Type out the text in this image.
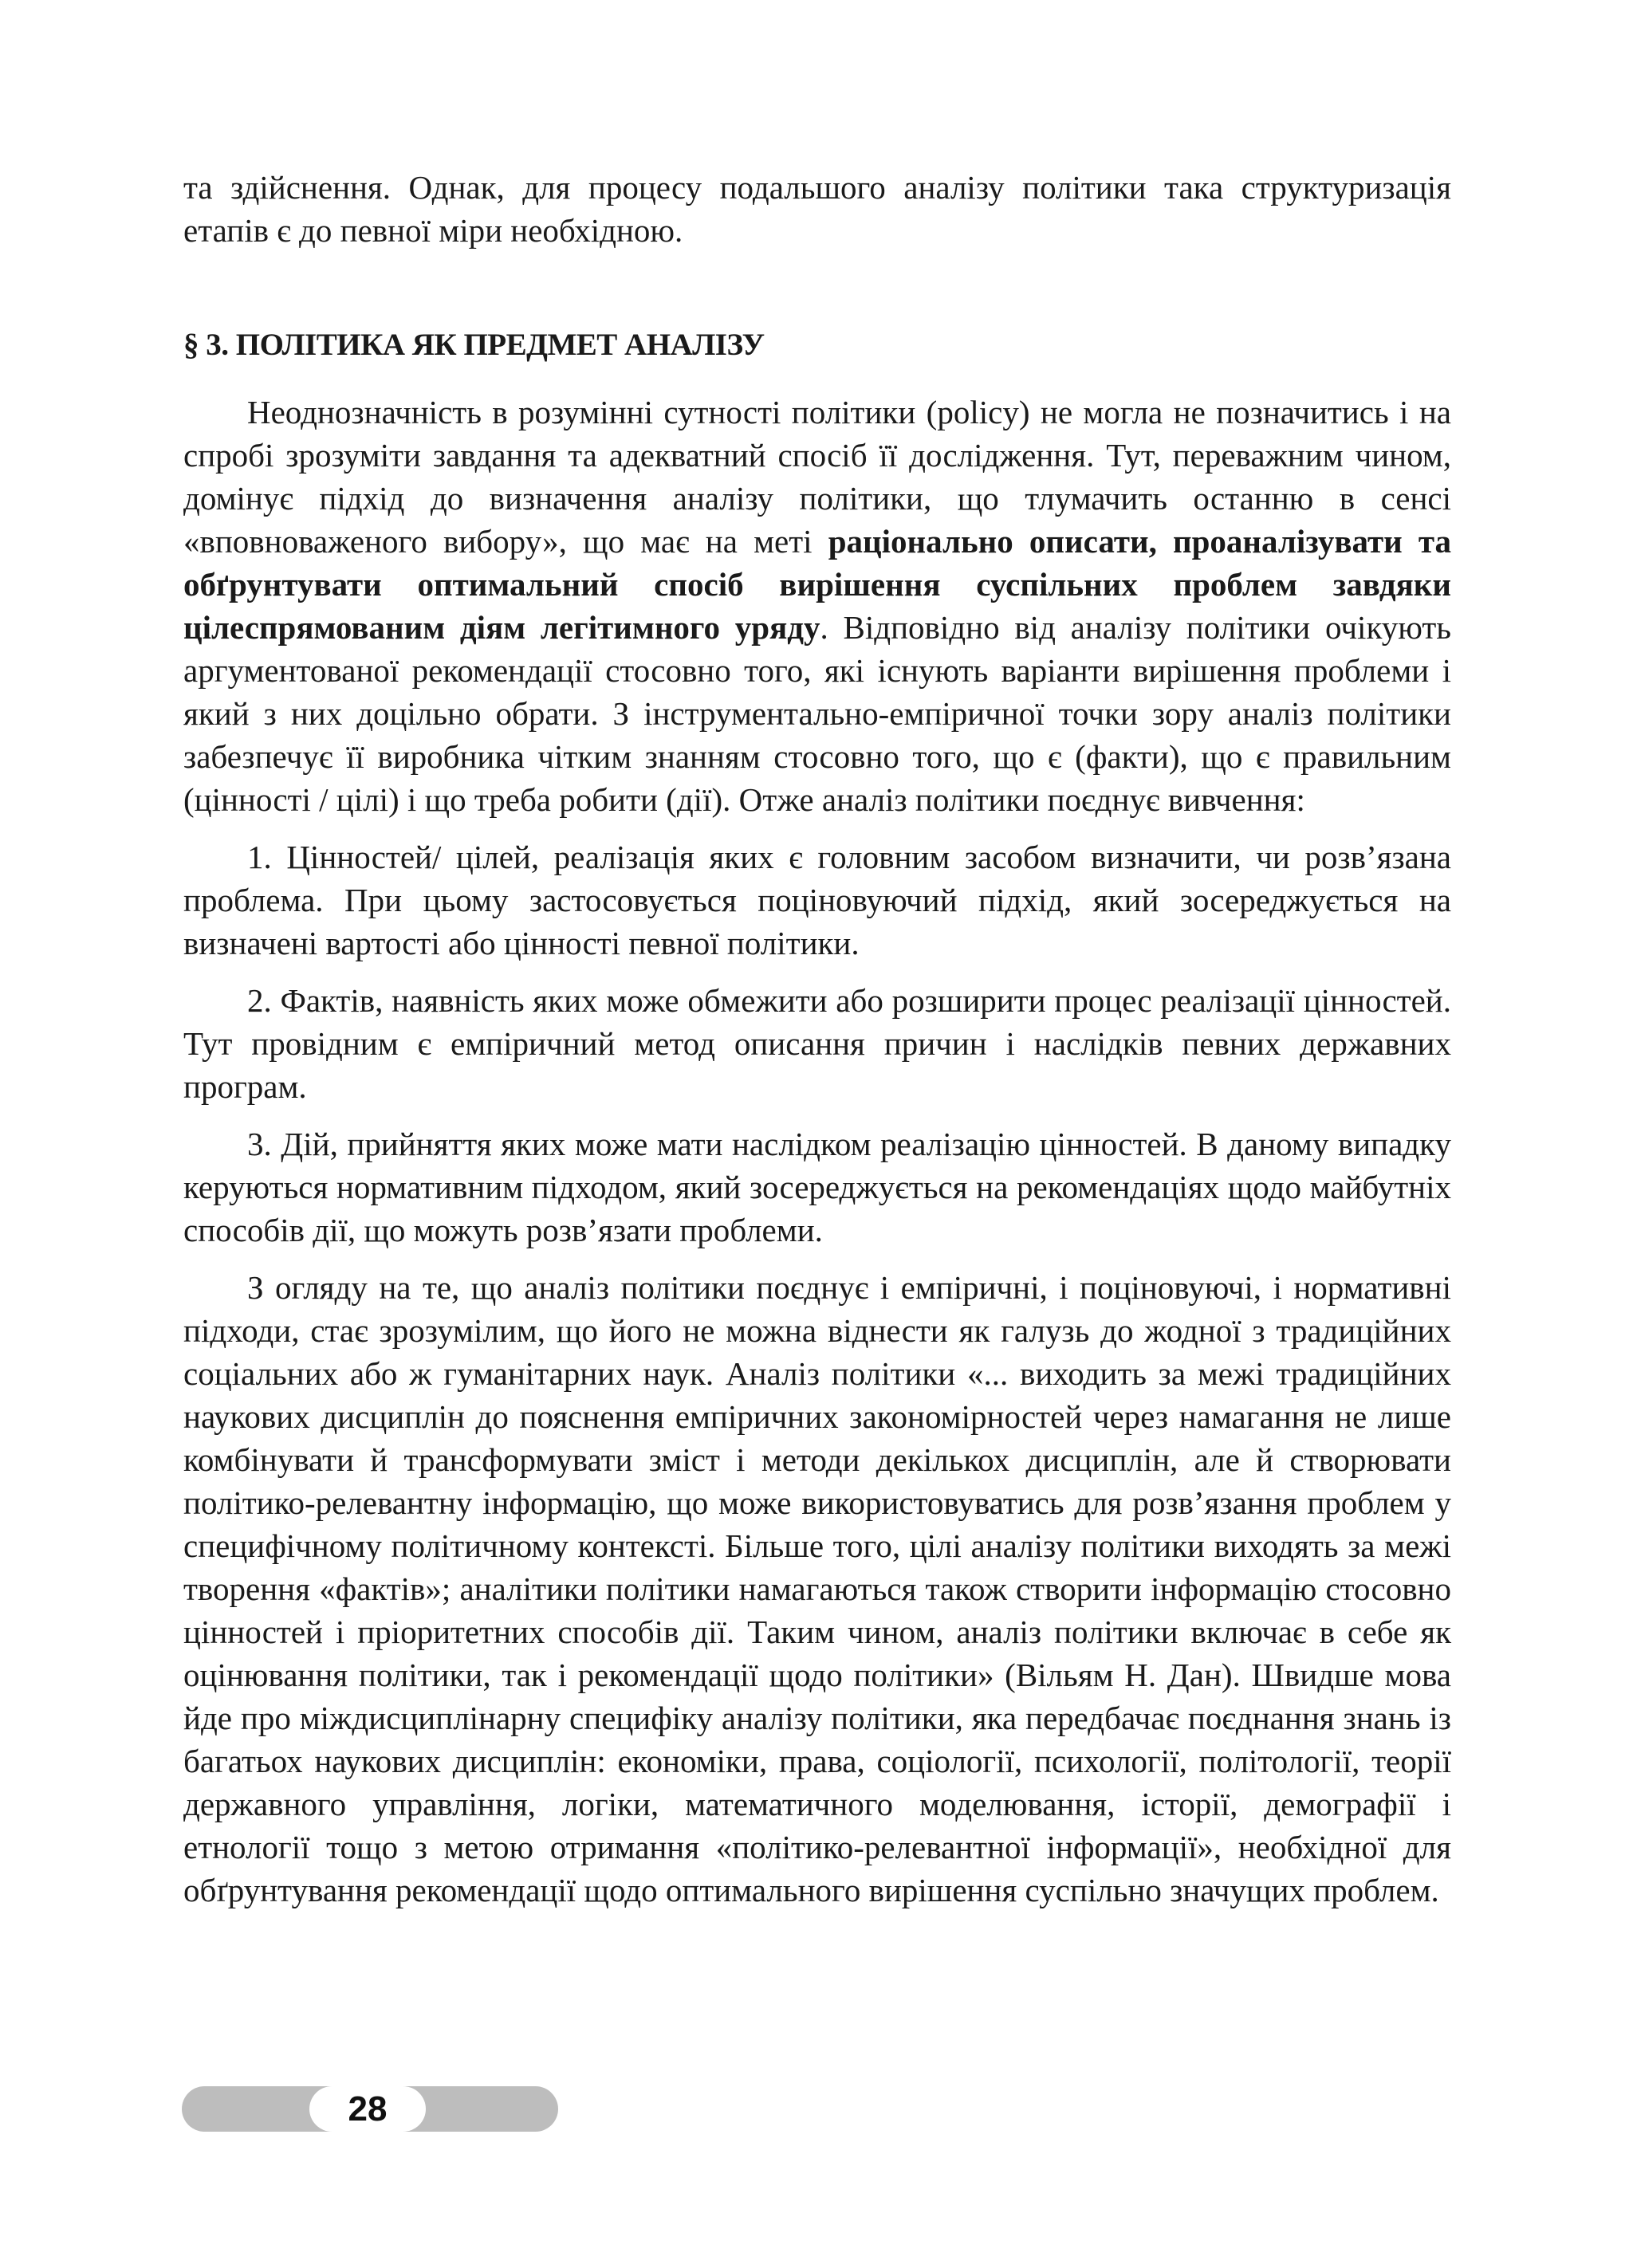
та здійснення. Однак, для процесу подальшого аналізу політики така структуризація етапів є до певної міри необхідною.

§ 3. ПОЛІТИКА ЯК ПРЕДМЕТ АНАЛІЗУ

Неоднозначність в розумінні сутності політики (policy) не могла не позначитись і на спробі зрозуміти завдання та адекватний спосіб її дослідження. Тут, переважним чином, домінує підхід до визначення аналізу політики, що тлумачить останню в сенсі «вповноваженого вибору», що має на меті раціонально описати, проаналізувати та обґрунтувати оптимальний спосіб вирішення суспільних проблем завдяки цілеспрямованим діям легітимного уряду. Відповідно від аналізу політики очікують аргументованої рекомендації стосовно того, які існують варіанти вирішення проблеми і який з них доцільно обрати. З інструментально-емпіричної точки зору аналіз політики забезпечує її виробника чітким знанням стосовно того, що є (факти), що є правильним (цінності / цілі) і що треба робити (дії). Отже аналіз політики поєднує вивчення:

1. Цінностей/ цілей, реалізація яких є головним засобом визначити, чи розв’язана проблема. При цьому застосовується поціновуючий підхід, який зосереджується на визначені вартості або цінності певної політики.

2. Фактів, наявність яких може обмежити або розширити процес реалізації цінностей. Тут провідним є емпіричний метод описання причин і наслідків певних державних програм.

3. Дій, прийняття яких може мати наслідком реалізацію цінностей. В даному випадку керуються нормативним підходом, який зосереджується на рекомендаціях щодо майбутніх способів дії, що можуть розв’язати проблеми.

З огляду на те, що аналіз політики поєднує і емпіричні, і поціновуючі, і нормативні підходи, стає зрозумілим, що його не можна віднести як галузь до жодної з традиційних соціальних або ж гуманітарних наук. Аналіз політики «... виходить за межі традиційних наукових дисциплін до пояснення емпіричних закономірностей через намагання не лише комбінувати й трансформувати зміст і методи декількох дисциплін, але й створювати політико-релевантну інформацію, що може використовуватись для розв’язання проблем у специфічному політичному контексті. Більше того, цілі аналізу політики виходять за межі творення «фактів»; аналітики політики намагаються також створити інформацію стосовно цінностей і пріоритетних способів дії. Таким чином, аналіз політики включає в себе як оцінювання політики, так і рекомендації щодо політики» (Вільям Н. Дан). Швидше мова йде про міждисциплінарну специфіку аналізу політики, яка передбачає поєднання знань із багатьох наукових дисциплін: економіки, права, соціології, психології, політології, теорії державного управління, логіки, математичного моделювання, історії, демографії і етнології тощо з метою отримання «політико-релевантної інформації», необхідної для обґрунтування рекомендації щодо оптимального вирішення суспільно значущих проблем.

28
